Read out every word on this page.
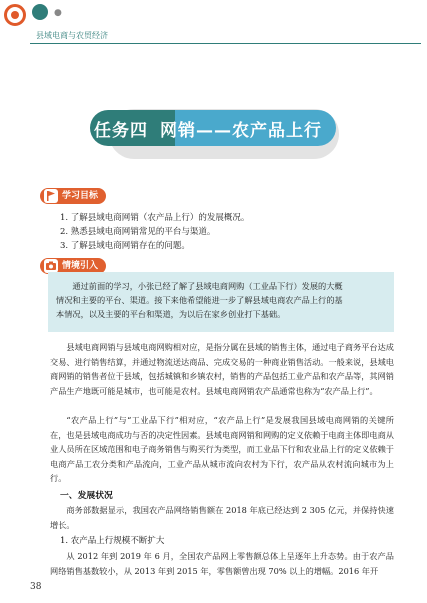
●
县域电商与农贸经济
任务四 网销——农产品上行
学习目标
1. 了解县域电商网销（农产品上行）的发展概况。
2. 熟悉县域电商网销常见的平台与渠道。
3. 了解县域电商网销存在的问题。
情境引入
通过前面的学习，小张已经了解了县域电商网购（工业品下行）发展的大概
情况和主要的平台、渠道。接下来他希望能进一步了解县域电商农产品上行的基
本情况，以及主要的平台和渠道，为以后在家乡创业打下基础。

县域电商网销与县域电商网购相对应，是指分属在县域的销售主体，通过电子商务平台达成交易、进行销售结算，并通过物流送达商品、完成交易的一种商业销售活动。一般来说，县域电商网销的销售者位于县域，包括城镇和乡镇农村，销售的产品包括工业产品和农产品等，其网销产品生产地既可能是城市，也可能是农村。县域电商网销农产品通常也称为“农产品上行”。

“农产品上行”与“工业品下行”相对应，“农产品上行”是发展我国县域电商网销的关键所在，也是县域电商成功与否的决定性因素。县域电商网销和网购的定义依赖于电商主体即电商从业人员所在区域范围和电子商务销售与购买行为类型，而工业品下行和农业品上行的定义依赖于电商产品工农分类和产品流向，工业产品从城市流向农村为下行，农产品从农村流向城市为上行。

一、发展状况

商务部数据显示，我国农产品网络销售额在 2018 年底已经达到 2 305 亿元，并保持快速增长。

1. 农产品上行规模不断扩大

从 2012 年到 2019 年 6 月，全国农产品网上零售额总体上呈逐年上升态势。由于农产品网络销售基数较小，从 2013 年到 2015 年，零售额曾出现 70% 以上的增幅。2016 年开

38
